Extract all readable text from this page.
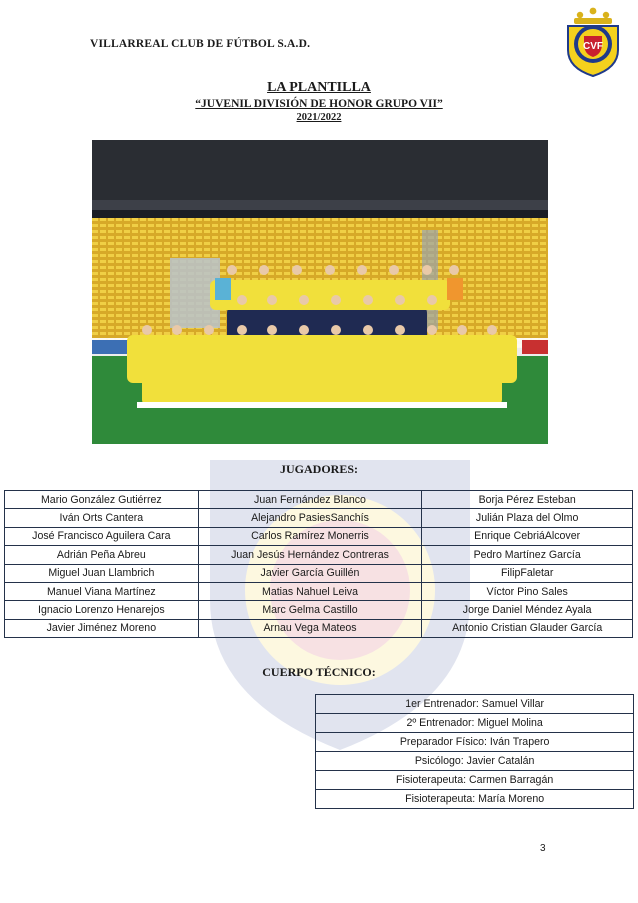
VILLARREAL CLUB DE FÚTBOL S.A.D.	CVF
LA PLANTILLA
“JUVENIL DIVISIÓN DE HONOR GRUPO VII”
2021/2022
JUGADORES:
Mario González Gutiérrez	Juan Fernández Blanco	Borja Pérez Esteban
Iván Orts Cantera	Alejandro PasiesSanchís	Julián Plaza del Olmo
José Francisco Aguilera Cara	Carlos Ramírez Monerris	Enrique CebriáAlcover
Adrián Peña Abreu	Juan Jesús Hernández Contreras	Pedro Martínez García
Miguel Juan Llambrich	Javier García Guillén	FilipFaletar
Manuel Viana Martínez	Matias Nahuel Leiva	Víctor Pino Sales
Ignacio Lorenzo Henarejos	Marc Gelma Castillo	Jorge Daniel Méndez Ayala
Javier Jiménez Moreno	Arnau Vega Mateos	Antonio Cristian Glauder García
CUERPO TÉCNICO:
	1er Entrenador: Samuel Villar
	2º Entrenador: Miguel Molina
	Preparador Físico: Iván Trapero
	Psicólogo: Javier Catalán
	Fisioterapeuta: Carmen Barragán
	Fisioterapeuta: María Moreno
3
